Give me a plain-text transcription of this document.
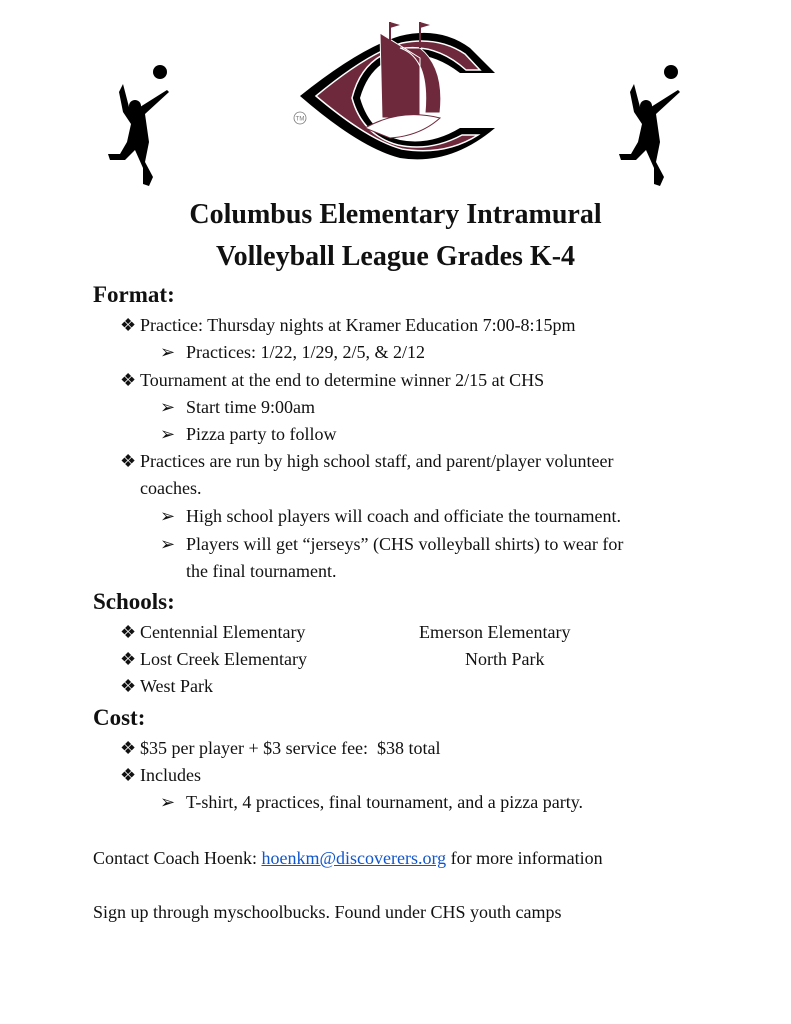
TM
Columbus Elementary Intramural
Volleyball League Grades K-4
Format:
❖ Practice: Thursday nights at Kramer Education 7:00-8:15pm
➢ Practices: 1/22, 1/29, 2/5, & 2/12
❖ Tournament at the end to determine winner 2/15 at CHS
➢ Start time 9:00am
➢ Pizza party to follow
❖ Practices are run by high school staff, and parent/player volunteer
coaches.
➢ High school players will coach and officiate the tournament.
➢ Players will get “jerseys” (CHS volleyball shirts) to wear for
the final tournament.
Schools:
❖ Centennial Elementary
❖ Lost Creek Elementary
❖ West Park
Emerson Elementary
North Park
Cost:
❖ $35 per player + $3 service fee:  $38 total
❖ Includes
➢ T-shirt, 4 practices, final tournament, and a pizza party.
Contact Coach Hoenk: hoenkm@discoverers.org for more information
Sign up through myschoolbucks. Found under CHS youth camps
